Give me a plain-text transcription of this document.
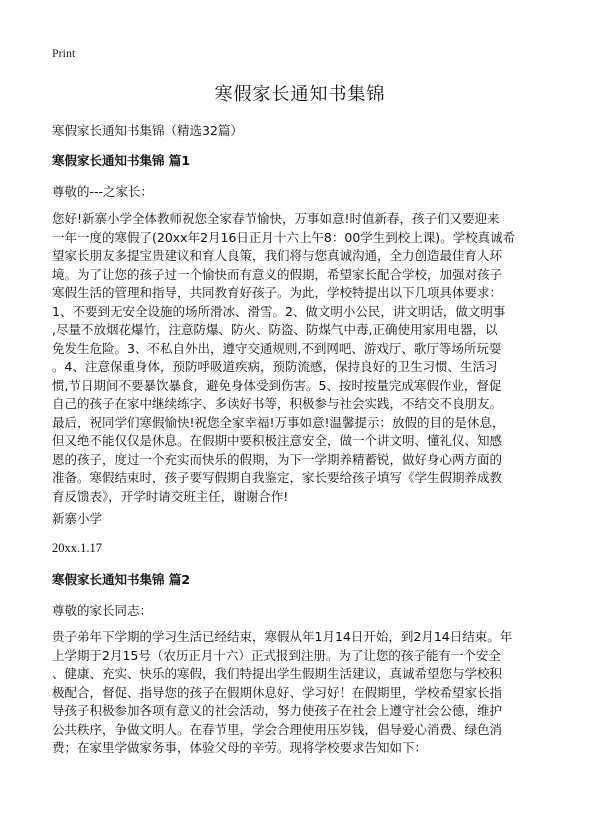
Print
寒假家长通知书集锦
寒假家长通知书集锦（精选32篇）
寒假家长通知书集锦 篇1
尊敬的---之家长：
您好!新寨小学全体教师祝您全家春节愉快，万事如意!时值新春，孩子们又要迎来
一年一度的寒假了(20xx年2月16日正月十六上午8：00学生到校上课)。学校真诚希
望家长朋友多提宝贵建议和育人良策，我们将与您真诚沟通，全力创造最佳育人环
境。为了让您的孩子过一个愉快而有意义的假期，希望家长配合学校，加强对孩子
寒假生活的管理和指导，共同教育好孩子。为此，学校特提出以下几项具体要求：
1、不要到无安全设施的场所滑冰、滑雪。2、做文明小公民，讲文明话，做文明事
,尽量不放烟花爆竹，注意防爆、防火、防盗、防煤气中毒,正确使用家用电器，以
免发生危险。3、不私自外出，遵守交通规则,不到网吧、游戏厅、歌厅等场所玩耍
。4、注意保重身体，预防呼吸道疾病，预防流感，保持良好的卫生习惯、生活习
惯,节日期间不要暴饮暴食，避免身体受到伤害。5、按时按量完成寒假作业，督促
自己的孩子在家中继续练字、多读好书等，积极参与社会实践，不结交不良朋友。
最后，祝同学们寒假愉快!祝您全家幸福!万事如意!温馨提示：放假的目的是休息，
但又绝不能仅仅是休息。在假期中要积极注意安全，做一个讲文明、懂礼仪、知感
恩的孩子，度过一个充实而快乐的假期，为下一学期养精蓄锐，做好身心两方面的
准备。寒假结束时，孩子要写假期自我鉴定，家长要给孩子填写《学生假期养成教
育反馈表》，开学时请交班主任，谢谢合作!
新寨小学
20xx.1.17
寒假家长通知书集锦 篇2
尊敬的家长同志：
贵子弟年下学期的学习生活已经结束，寒假从年1月14日开始，到2月14日结束。年
上学期于2月15号（农历正月十六）正式报到注册。为了让您的孩子能有一个安全
、健康、充实、快乐的寒假，我们特提出学生假期生活建议，真诚希望您与学校积
极配合，督促、指导您的孩子在假期休息好、学习好！在假期里，学校希望家长指
导孩子积极参加各项有意义的社会活动，努力使孩子在社会上遵守社会公德，维护
公共秩序，争做文明人。在春节里，学会合理使用压岁钱，倡导爱心消费、绿色消
费；在家里学做家务事，体验父母的辛劳。现将学校要求告知如下：
